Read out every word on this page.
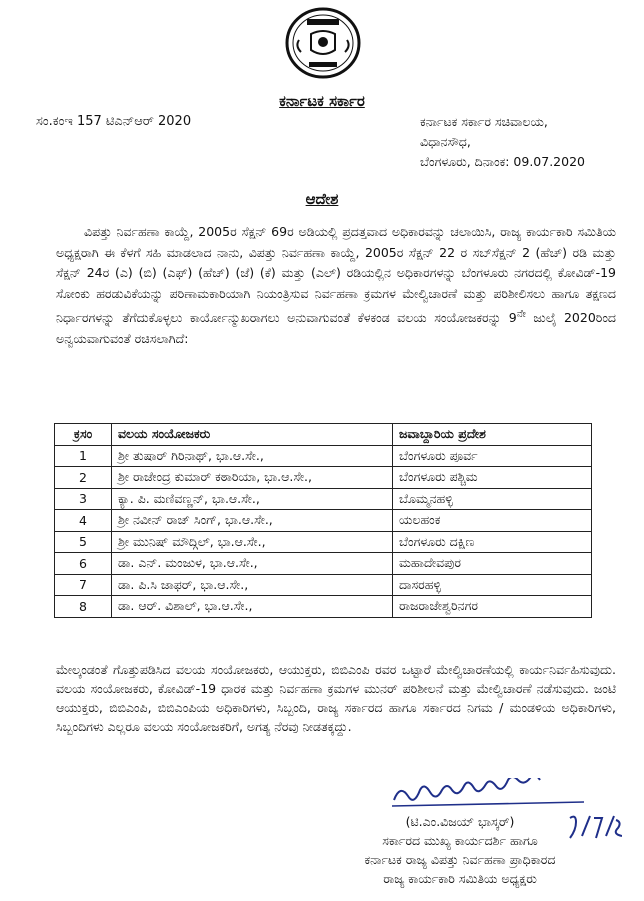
ಕರ್ನಾಟಕ ಸರ್ಕಾರ
ಸಂ.ಕಂಇ 157 ಟಿಎನ್ಆರ್ 2020	ಕರ್ನಾಟಕ ಸರ್ಕಾರ ಸಚಿವಾಲಯ,
ವಿಧಾನಸೌಧ,
ಬೆಂಗಳೂರು, ದಿನಾಂಕ: 09.07.2020
ಆದೇಶ
ವಿಪತ್ತು ನಿರ್ವಹಣಾ ಕಾಯ್ದೆ, 2005ರ ಸೆಕ್ಷನ್ 69ರ ಅಡಿಯಲ್ಲಿ ಪ್ರದತ್ತವಾದ ಅಧಿಕಾರವನ್ನು ಚಲಾಯಿಸಿ, ರಾಜ್ಯ ಕಾರ್ಯಕಾರಿ ಸಮಿತಿಯ ಅಧ್ಯಕ್ಷರಾಗಿ ಈ ಕೆಳಗೆ ಸಹಿ ಮಾಡಲಾದ ನಾನು, ವಿಪತ್ತು ನಿರ್ವಹಣಾ ಕಾಯ್ದೆ, 2005ರ ಸೆಕ್ಷನ್ 22 ರ ಸಬ್‌ಸೆಕ್ಷನ್ 2 (ಹೆಚ್) ರಡಿ ಮತ್ತು ಸೆಕ್ಷನ್ 24ರ (ಎ) (ಬಿ) (ಎಫ್) (ಹೆಚ್) (ಜೆ) (ಕೆ) ಮತ್ತು (ಎಲ್) ರಡಿಯಲ್ಲಿನ ಅಧಿಕಾರಗಳನ್ನು ಬೆಂಗಳೂರು ನಗರದಲ್ಲಿ ಕೋವಿಡ್-19 ಸೋಂಕು ಹರಡುವಿಕೆಯನ್ನು ಪರಿಣಾಮಕಾರಿಯಾಗಿ ನಿಯಂತ್ರಿಸುವ ನಿರ್ವಹಣಾ ಕ್ರಮಗಳ ಮೇಲ್ವಿಚಾರಣೆ ಮತ್ತು ಪರಿಶೀಲಿಸಲು ಹಾಗೂ ತಕ್ಷಣದ ನಿರ್ಧಾರಗಳನ್ನು ತೆಗೆದುಕೊಳ್ಳಲು ಕಾರ್ಯೋನ್ಮುಖರಾಗಲು ಅನುವಾಗುವಂತೆ ಕೆಳಕಂಡ ವಲಯ ಸಂಯೋಜಕರನ್ನು $9^{ನೇ}$ ಜುಲೈ 2020ರಿಂದ ಅನ್ವಯವಾಗುವಂತೆ ರಚಿಸಲಾಗಿದೆ:
ಕ್ರಸಂ	ವಲಯ ಸಂಯೋಜಕರು	ಜವಾಬ್ದಾರಿಯ ಪ್ರದೇಶ
1	ಶ್ರೀ ತುಷಾರ್ ಗಿರಿನಾಥ್, ಭಾ.ಆ.ಸೇ.,	ಬೆಂಗಳೂರು ಪೂರ್ವ
2	ಶ್ರೀ ರಾಜೇಂದ್ರ ಕುಮಾರ್ ಕಠಾರಿಯಾ, ಭಾ.ಆ.ಸೇ.,	ಬೆಂಗಳೂರು ಪಶ್ಚಿಮ
3	ಕ್ಯಾ. ಪಿ. ಮಣಿವಣ್ಣನ್, ಭಾ.ಆ.ಸೇ.,	ಬೊಮ್ಮನಹಳ್ಳಿ
4	ಶ್ರೀ ನವೀನ್ ರಾಜ್ ಸಿಂಗ್, ಭಾ.ಆ.ಸೇ.,	ಯಲಹಂಕ
5	ಶ್ರೀ ಮುನಿಷ್ ಮೌದ್ಗಿಲ್, ಭಾ.ಆ.ಸೇ.,	ಬೆಂಗಳೂರು ದಕ್ಷಿಣ
6	ಡಾ. ಎನ್. ಮಂಜುಳ, ಭಾ.ಆ.ಸೇ.,	ಮಹಾದೇವಪುರ
7	ಡಾ. ಪಿ.ಸಿ ಜಾಫರ್, ಭಾ.ಆ.ಸೇ.,	ದಾಸರಹಳ್ಳಿ
8	ಡಾ. ಆರ್. ವಿಶಾಲ್, ಭಾ.ಆ.ಸೇ.,	ರಾಜರಾಜೇಶ್ವರಿನಗರ
ಮೇಲ್ಕಂಡಂತೆ ಗೊತ್ತುಪಡಿಸಿದ ವಲಯ ಸಂಯೋಜಕರು, ಆಯುಕ್ತರು, ಬಿಬಿಎಂಪಿ ರವರ ಒಟ್ಟಾರೆ ಮೇಲ್ವಿಚಾರಣೆಯಲ್ಲಿ ಕಾರ್ಯನಿರ್ವಹಿಸುವುದು. ವಲಯ ಸಂಯೋಜಕರು, ಕೋವಿಡ್-19 ಧಾರಕ ಮತ್ತು ನಿರ್ವಹಣಾ ಕ್ರಮಗಳ ಮುನರ್ ಪರಿಶೀಲನೆ ಮತ್ತು ಮೇಲ್ವಿಚಾರಣೆ ನಡೆಸುವುದು. ಜಂಟಿ ಆಯುಕ್ತರು, ಬಿಬಿಎಂಪಿ, ಬಿಬಿಎಂಪಿಯ ಅಧಿಕಾರಿಗಳು, ಸಿಬ್ಬಂದಿ, ರಾಜ್ಯ ಸರ್ಕಾರದ ಹಾಗೂ ಸರ್ಕಾರದ ನಿಗಮ / ಮಂಡಳಿಯ ಅಧಿಕಾರಿಗಳು, ಸಿಬ್ಬಂದಿಗಳು ಎಲ್ಲರೂ ವಲಯ ಸಂಯೋಜಕರಿಗೆ, ಅಗತ್ಯ ನೆರವು ನೀಡತಕ್ಕದ್ದು.
(ಟಿ.ಎಂ.ವಿಜಯ್ ಭಾಸ್ಕರ್)
ಸರ್ಕಾರದ ಮುಖ್ಯ ಕಾರ್ಯದರ್ಶಿ ಹಾಗೂ
ಕರ್ನಾಟಕ ರಾಜ್ಯ ವಿಪತ್ತು ನಿರ್ವಹಣಾ ಪ್ರಾಧಿಕಾರದ
ರಾಜ್ಯ ಕಾರ್ಯಕಾರಿ ಸಮಿತಿಯ ಅಧ್ಯಕ್ಷರು
